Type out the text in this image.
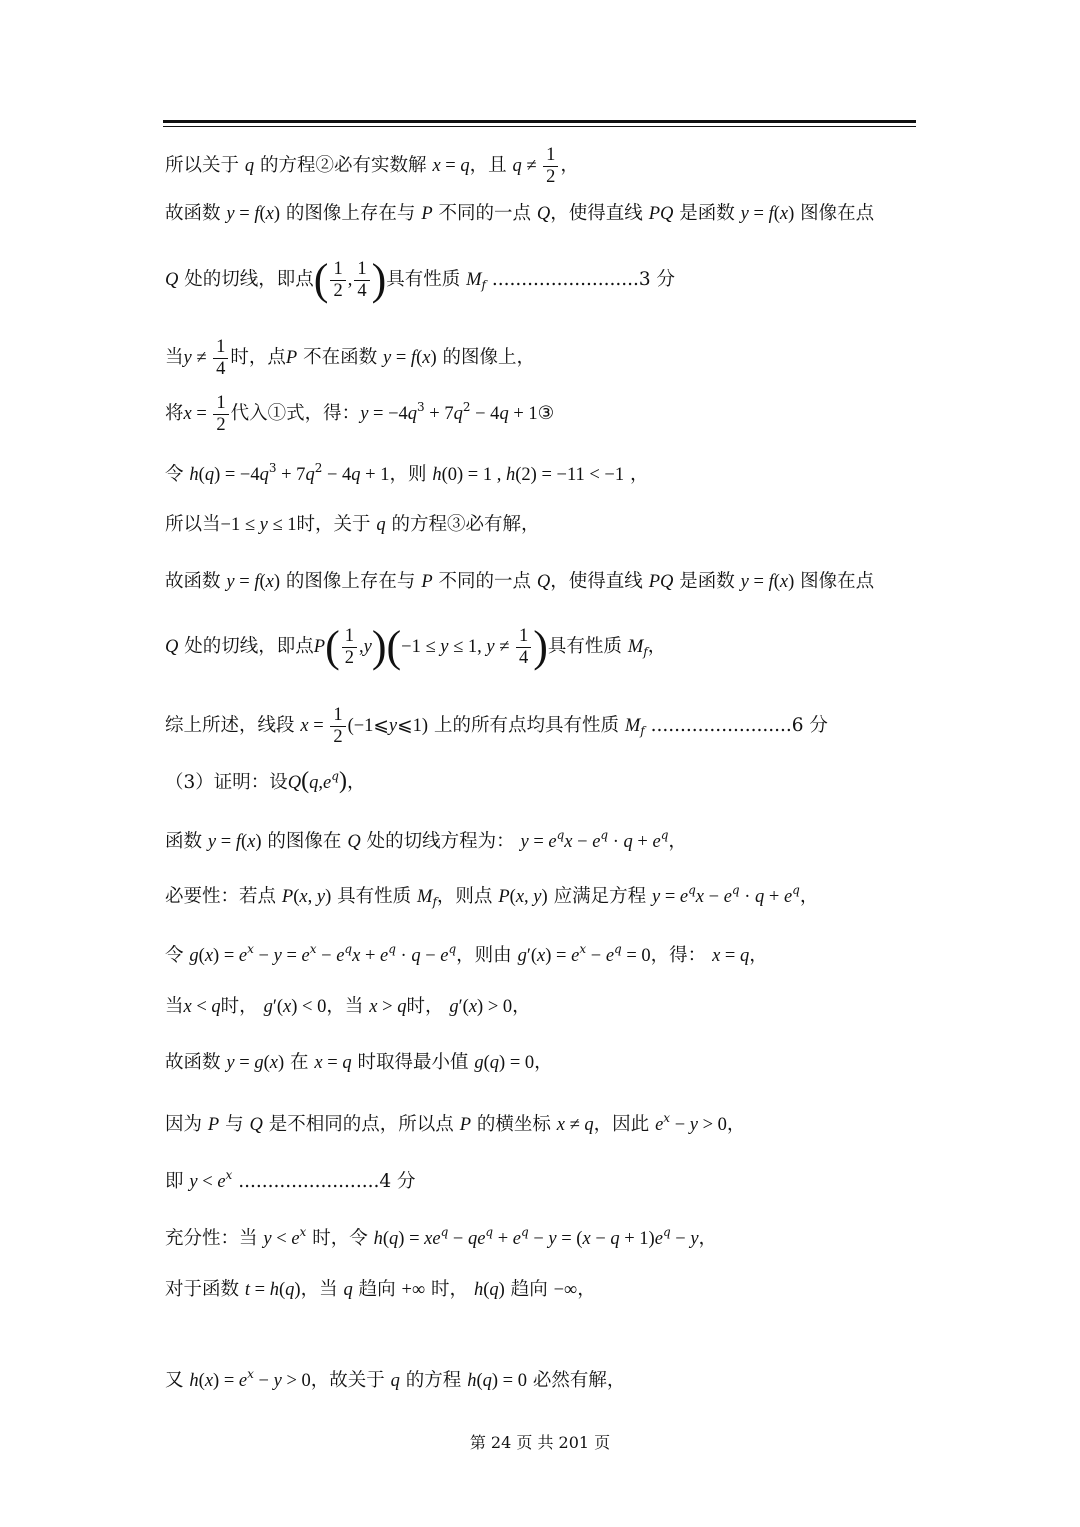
所以关于 q 的方程②必有实数解 x = q，且 $q \ne \frac{1}{2}$ ，
故函数 y = f(x) 的图像上存在与 P 不同的一点 Q，使得直线 PQ 是函数 y = f(x) 图像在点
Q 处的切线，即点( $\frac{1}{2}$ , $\frac{1}{4}$ )具有性质 $M_f$ .........................3 分
当$y \ne \frac{1}{4}$ 时，点P 不在函数 y = f(x) 的图像上，
将$x = \frac{1}{2}$ 代入①式，得：$y = -4q^3 + 7q^2 - 4q$ + 1③
令 $h(q) = -4q^3 + 7q^2 - 4q + 1$，则 h(0) = 1 , h(2) = −11 < −1 ，
所以当−1 ≤ y ≤ 1时，关于 q 的方程③必有解，
故函数 y = f(x) 的图像上存在与 P 不同的一点 Q，使得直线 PQ 是函数 y = f(x) 图像在点
Q 处的切线，即点$P( \frac{1}{2} ,y)(-1 \le y \le 1$, $y \ne \frac{1}{4}$ )具有性质 $M_f$，
综上所述，线段 $x = \frac{1}{2}$ (−1⩽y⩽1) 上的所有点均具有性质 $M_f$ ........................6 分
（3）证明：设$Q(q,e^q)$，
函数 y = f(x) 的图像在 Q 处的切线方程为： $y = e^qx - e^q \cdot q + e^q$，
必要性：若点 P(x, y) 具有性质 $M_f$，则点 P(x, y) 应满足方程 $y = e^qx - e^q \cdot q + e^q$，
令 $g(x) = e^x - y = e^x - e^qx + e^q \cdot q - e^q$，则由 $g'(x) = e^x - e^q = 0$，得： x = q，
当x < q时， g′(x) < 0，当 x > q时， g′(x) > 0，
故函数 y = g(x) 在 x = q 时取得最小值 g(q) = 0，
因为 P 与 Q 是不相同的点，所以点 P 的横坐标 x ≠ q，因此 $e^x - y > 0$，
即 $y < e^x$ ........................4 分
充分性：当 $y < e^x$ 时，令 $h(q) = xe^q - qe^q + e^q - y = (x - q + 1)e^q - y$，
对于函数 t = h(q)，当 q 趋向 +∞ 时， h(q) 趋向 −∞，
又 $h(x) = e^x - y > 0$，故关于 q 的方程 h(q) = 0 必然有解，
第 24 页 共 201 页
